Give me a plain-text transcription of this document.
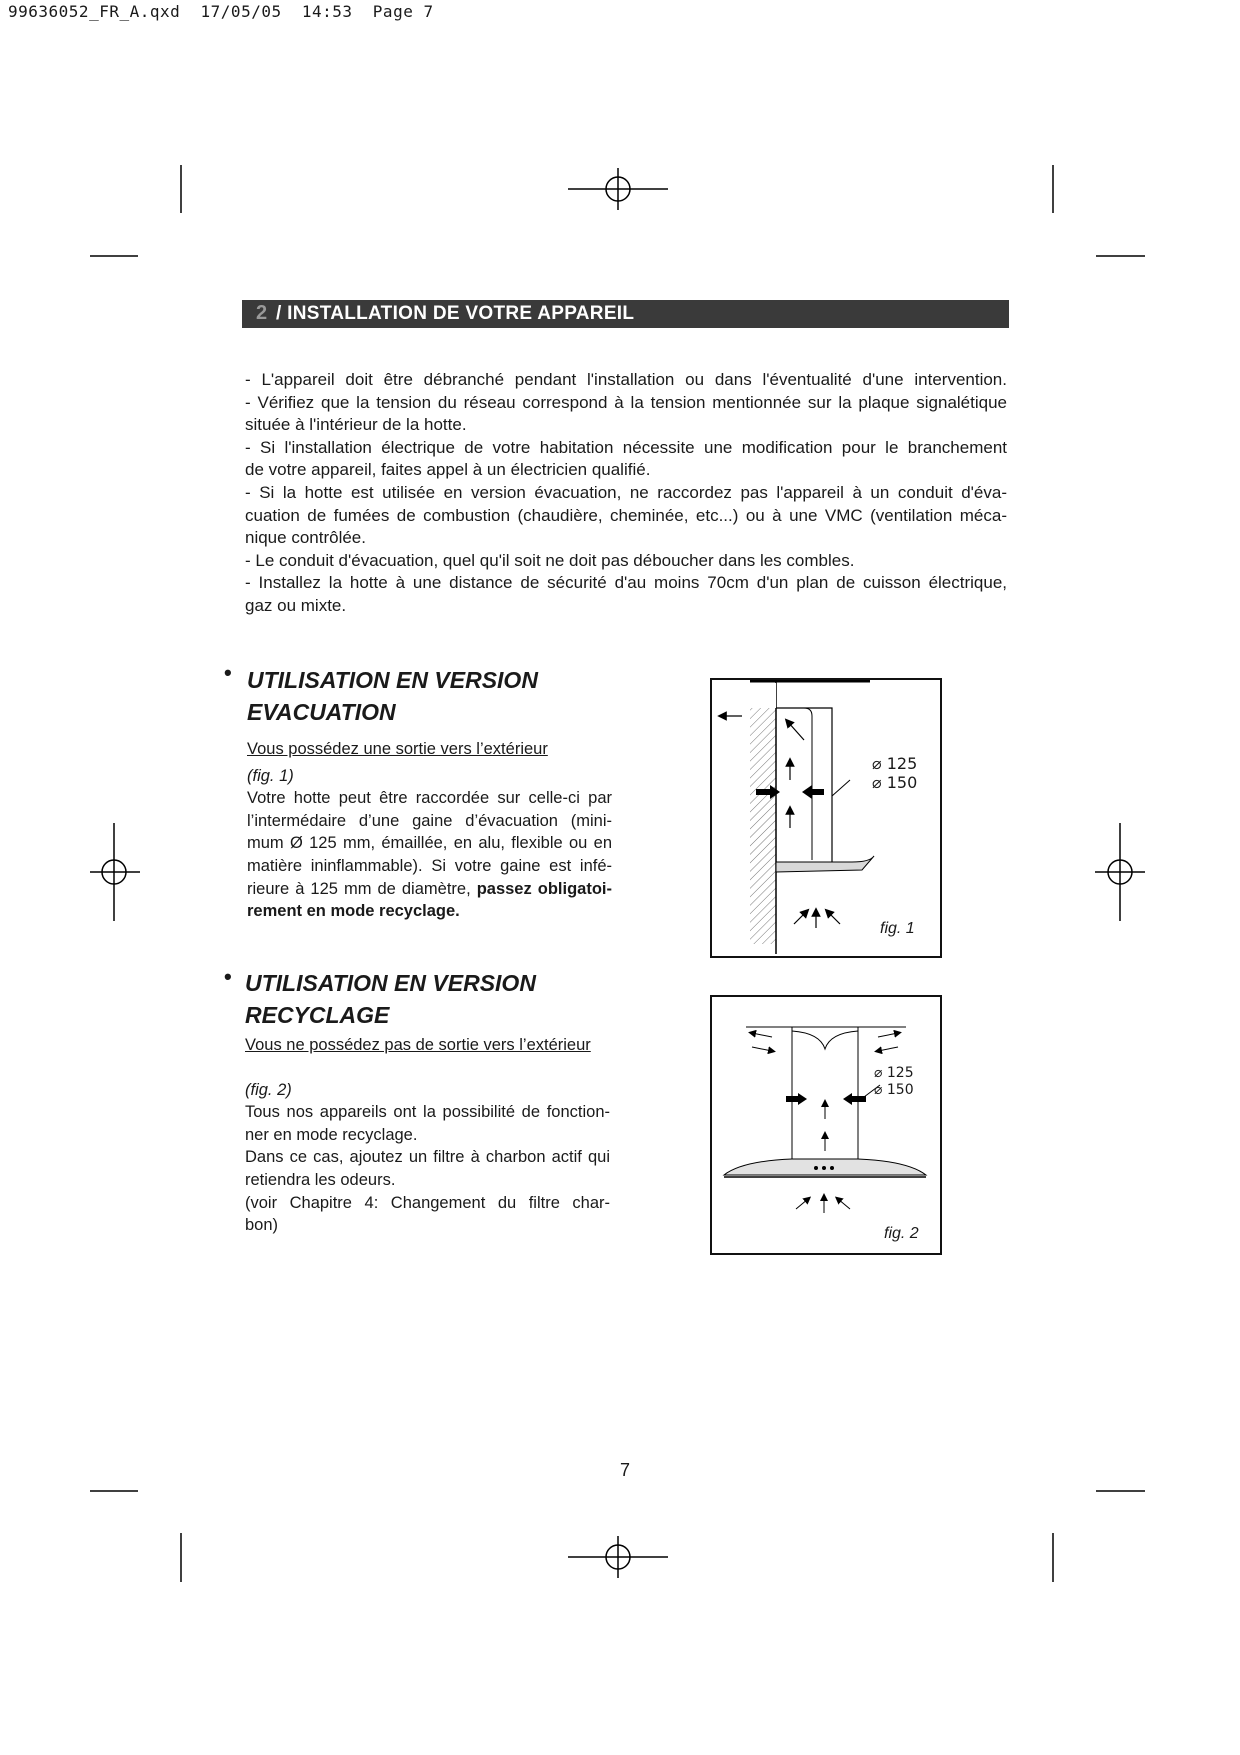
99636052_FR_A.qxd 17/05/05 14:53 Page 7
2 / INSTALLATION DE VOTRE APPAREIL

- L'appareil doit être débranché pendant l'installation ou dans l'éventualité d'une intervention.

- Vérifiez que la tension du réseau correspond à la tension mentionnée sur la plaque signalétique

située à l'intérieur de la hotte.

- Si l'installation électrique de votre habitation nécessite une modification pour le branchement

de votre appareil, faites appel à un électricien qualifié.

- Si la hotte est utilisée en version évacuation, ne raccordez pas l'appareil à un conduit d'éva-

cuation de fumées de combustion (chaudière, cheminée, etc...) ou à une VMC (ventilation méca-

nique contrôlée.

- Le conduit d'évacuation, quel qu'il soit ne doit pas déboucher dans les combles.

- Installez la hotte à une distance de sécurité d'au moins 70cm d'un plan de cuisson électrique,

gaz ou mixte.

• UTILISATION EN VERSION
EVACUATION

Vous possédez une sortie vers l’extérieur

(fig. 1)

Votre hotte peut être raccordée sur celle-ci par

l’intermédaire d’une gaine d’évacuation (mini-

mum Ø 125 mm, émaillée, en alu, flexible ou en

matière ininflammable). Si votre gaine est infé-

rieure à 125 mm de diamètre, passez obligatoi-

rement en mode recyclage.

• UTILISATION EN VERSION
RECYCLAGE

Vous ne possédez pas de sortie vers l’extérieur

(fig. 2)

Tous nos appareils ont la possibilité de fonction-

ner en mode recyclage.

Dans ce cas, ajoutez un filtre à charbon actif qui

retiendra les odeurs.

(voir Chapitre 4: Changement du filtre char-

bon)

⌀ 125
⌀ 150
fig. 1
⌀ 125
⌀ 150
fig. 2
7
